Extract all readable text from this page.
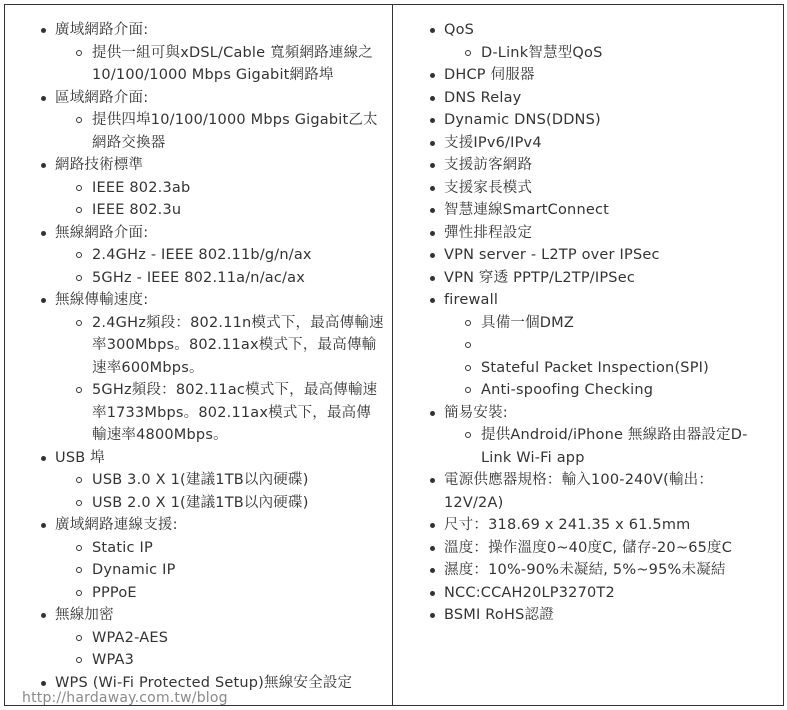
廣域網路介面:
提供一組可與xDSL/Cable 寬頻網路連線之10/100/1000 Mbps Gigabit網路埠
區域網路介面:
提供四埠10/100/1000 Mbps Gigabit乙太網路交換器
網路技術標準
IEEE 802.3ab
IEEE 802.3u
無線網路介面:
2.4GHz - IEEE 802.11b/g/n/ax
5GHz - IEEE 802.11a/n/ac/ax
無線傳輸速度:
2.4GHz頻段：802.11n模式下，最高傳輸速率300Mbps。802.11ax模式下，最高傳輸速率600Mbps。
5GHz頻段：802.11ac模式下，最高傳輸速率1733Mbps。802.11ax模式下，最高傳輸速率4800Mbps。
USB 埠
USB 3.0 X 1(建議1TB以內硬碟)
USB 2.0 X 1(建議1TB以內硬碟)
廣域網路連線支援:
Static IP
Dynamic IP
PPPoE
無線加密
WPA2-AES
WPA3
WPS (Wi-Fi Protected Setup)無線安全設定
QoS
D-Link智慧型QoS
DHCP 伺服器
DNS Relay
Dynamic DNS(DDNS)
支援IPv6/IPv4
支援訪客網路
支援家長模式
智慧連線SmartConnect
彈性排程設定
VPN server - L2TP over IPSec
VPN 穿透 PPTP/L2TP/IPSec
firewall
具備一個DMZ
Stateful Packet Inspection(SPI)
Anti-spoofing Checking
簡易安裝:
提供Android/iPhone 無線路由器設定D-Link Wi-Fi app
電源供應器規格：輸入100-240V(輸出：12V/2A)
尺寸：318.69 x 241.35 x 61.5mm
溫度：操作溫度0~40度C, 儲存-20~65度C
濕度：10%-90%未凝結, 5%~95%未凝結
NCC:CCAH20LP3270T2
BSMI RoHS認證
http://hardaway.com.tw/blog
